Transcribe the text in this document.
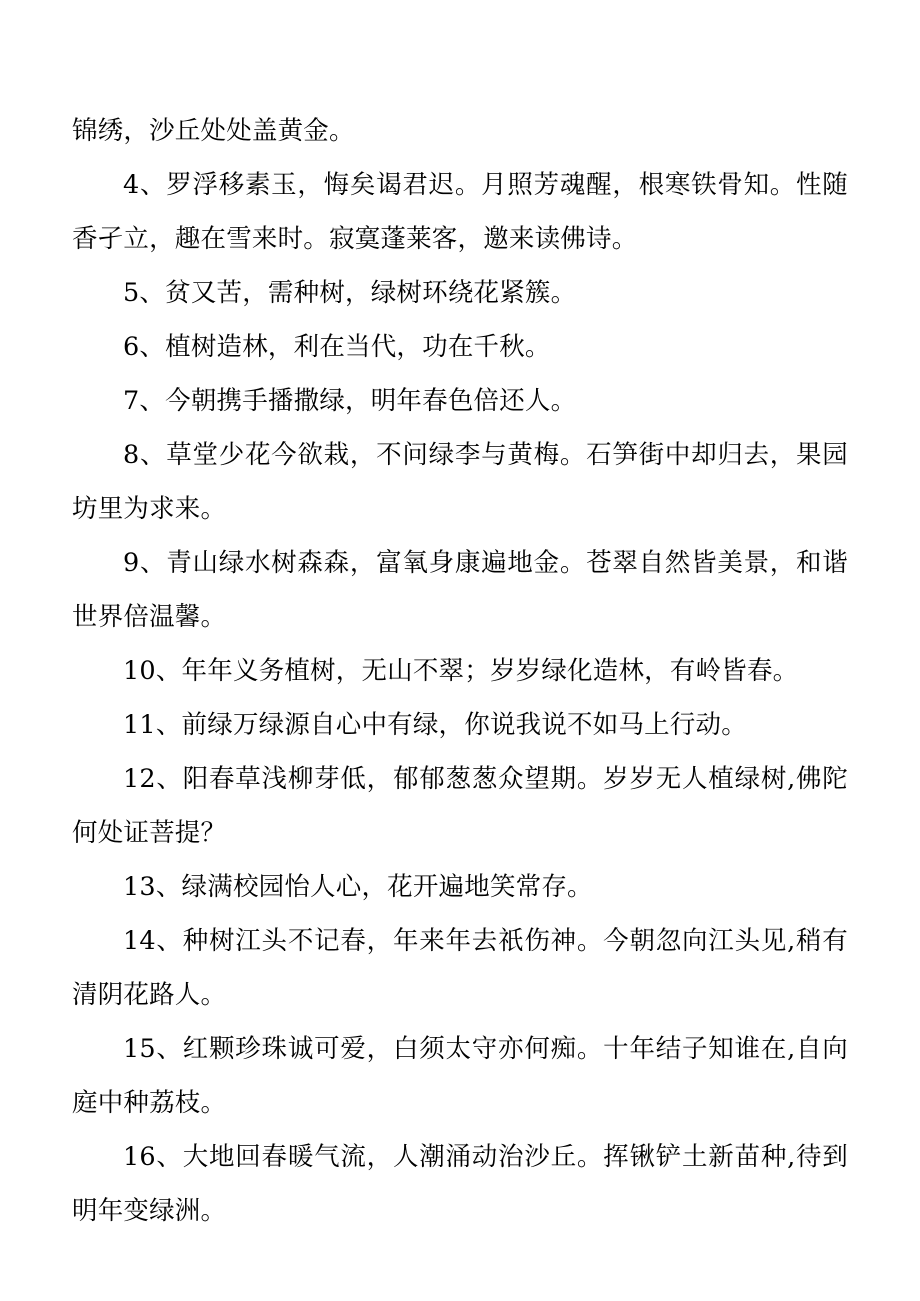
锦绣，沙丘处处盖黄金。

4、罗浮移素玉，悔矣谒君迟。月照芳魂醒，根寒铁骨知。性随香孑立，趣在雪来时。寂寞蓬莱客，邀来读佛诗。

5、贫又苦，需种树，绿树环绕花紧簇。

6、植树造林，利在当代，功在千秋。

7、今朝携手播撒绿，明年春色倍还人。

8、草堂少花今欲栽，不问绿李与黄梅。石笋街中却归去，果园坊里为求来。

9、青山绿水树森森，富氧身康遍地金。苍翠自然皆美景，和谐世界倍温馨。

10、年年义务植树，无山不翠；岁岁绿化造林，有岭皆春。

11、前绿万绿源自心中有绿，你说我说不如马上行动。

12、阳春草浅柳芽低，郁郁葱葱众望期。岁岁无人植绿树,佛陀何处证菩提？

13、绿满校园怡人心，花开遍地笑常存。

14、种树江头不记春，年来年去祇伤神。今朝忽向江头见,稍有清阴花路人。

15、红颗珍珠诚可爱，白须太守亦何痴。十年结子知谁在,自向庭中种荔枝。

16、大地回春暖气流，人潮涌动治沙丘。挥锹铲土新苗种,待到明年变绿洲。
